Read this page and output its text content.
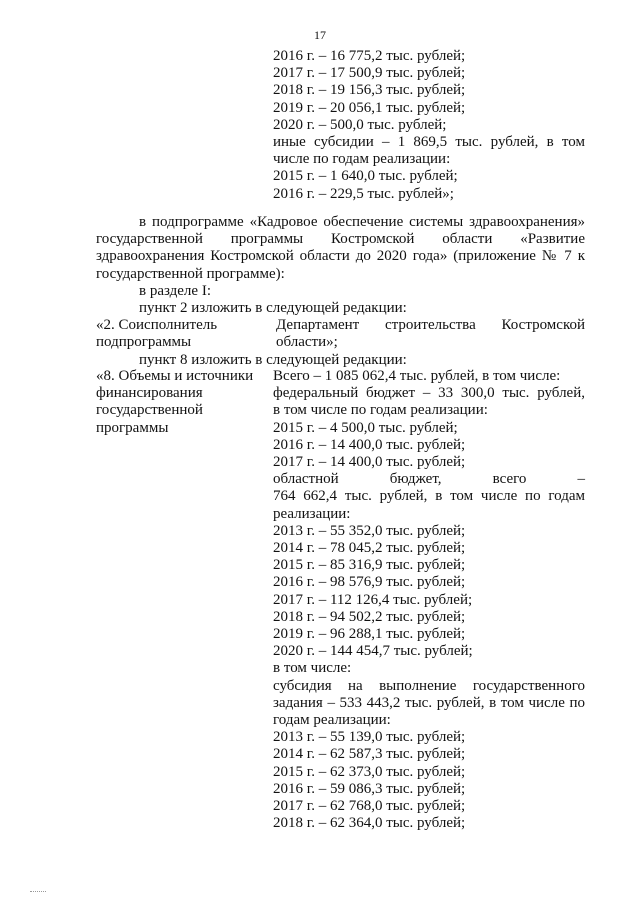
17
2016 г. – 16 775,2 тыс. рублей;
2017 г. – 17 500,9 тыс. рублей;
2018 г. – 19 156,3 тыс. рублей;
2019 г. – 20 056,1 тыс. рублей;
2020 г. – 500,0 тыс. рублей;
иные субсидии – 1 869,5 тыс. рублей, в том
числе по годам реализации:
2015 г. – 1 640,0 тыс. рублей;
2016 г. – 229,5 тыс. рублей»;
в подпрограмме «Кадровое обеспечение системы здравоохранения»
государственной программы Костромской области «Развитие
здравоохранения Костромской области до 2020 года» (приложение № 7 к
государственной программе):
в разделе I:
пункт 2 изложить в следующей редакции:
«2. Соисполнитель
подпрограммы
Департамент строительства Костромской
области»;
пункт 8 изложить в следующей редакции:
«8. Объемы и источники
финансирования
государственной
программы
Всего – 1 085 062,4 тыс. рублей, в том числе:
федеральный бюджет – 33 300,0 тыс. рублей,
в том числе по годам реализации:
2015 г. – 4 500,0 тыс. рублей;
2016 г. – 14 400,0 тыс. рублей;
2017 г. – 14 400,0 тыс. рублей;
областной бюджет, всего –
764 662,4 тыс. рублей, в том числе по годам
реализации:
2013 г. – 55 352,0 тыс. рублей;
2014 г. – 78 045,2 тыс. рублей;
2015 г. – 85 316,9 тыс. рублей;
2016 г. – 98 576,9 тыс. рублей;
2017 г. – 112 126,4 тыс. рублей;
2018 г. – 94 502,2 тыс. рублей;
2019 г. – 96 288,1 тыс. рублей;
2020 г. – 144 454,7 тыс. рублей;
в том числе:
субсидия на выполнение государственного
задания – 533 443,2 тыс. рублей, в том числе по
годам реализации:
2013 г. – 55 139,0 тыс. рублей;
2014 г. – 62 587,3 тыс. рублей;
2015 г. – 62 373,0 тыс. рублей;
2016 г. – 59 086,3 тыс. рублей;
2017 г. – 62 768,0 тыс. рублей;
2018 г. – 62 364,0 тыс. рублей;
